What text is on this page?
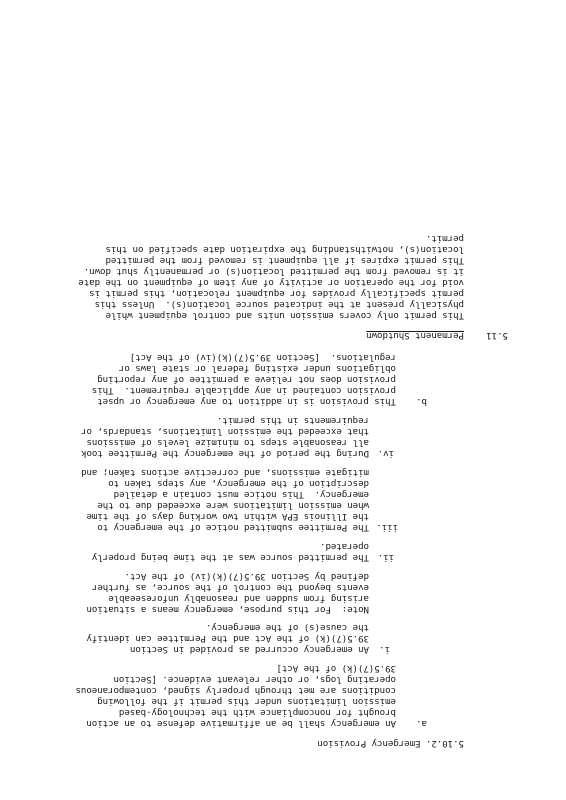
5.10.2. Emergency Provision
a.
An emergency shall be an affirmative defense to an action
brought for noncompliance with the technology-based
emission limitations under this permit if the following
conditions are met through properly signed, contemporaneous
operating logs, or other relevant evidence. [Section
39.5(7)(k) of the Act]
i.
An emergency occurred as provided in Section
39.5(7)(k) of the Act and the Permittee can identify
the cause(s) of the emergency.
Note:  For this purpose, emergency means a situation
arising from sudden and reasonably unforeseeable
events beyond the control of the source, as further
defined by Section 39.5(7)(k)(iv) of the Act.
ii.
The permitted source was at the time being properly
operated.
iii.
The Permittee submitted notice of the emergency to
the Illinois EPA within two working days of the time
when emission limitations were exceeded due to the
emergency.  This notice must contain a detailed
description of the emergency, any steps taken to
mitigate emissions, and corrective actions taken; and
iv.
During the period of the emergency the Permittee took
all reasonable steps to minimize levels of emissions
that exceeded the emission limitations, standards, or
requirements in this permit.
b.
This provision is in addition to any emergency or upset
provision contained in any applicable requirement.  This
provision does not relieve a permittee of any reporting
obligations under existing federal or state laws or
regulations.  [Section 39.5(7)(k)(iv) of the Act]
5.11
Permanent Shutdown
This permit only covers emission units and control equipment while
physically present at the indicated source location(s).  Unless this
permit specifically provides for equipment relocation, this permit is
void for the operation or activity of any item of equipment on the date
it is removed from the permitted location(s) or permanently shut down.
This permit expires if all equipment is removed from the permitted
location(s), notwithstanding the expiration date specified on this
permit.
